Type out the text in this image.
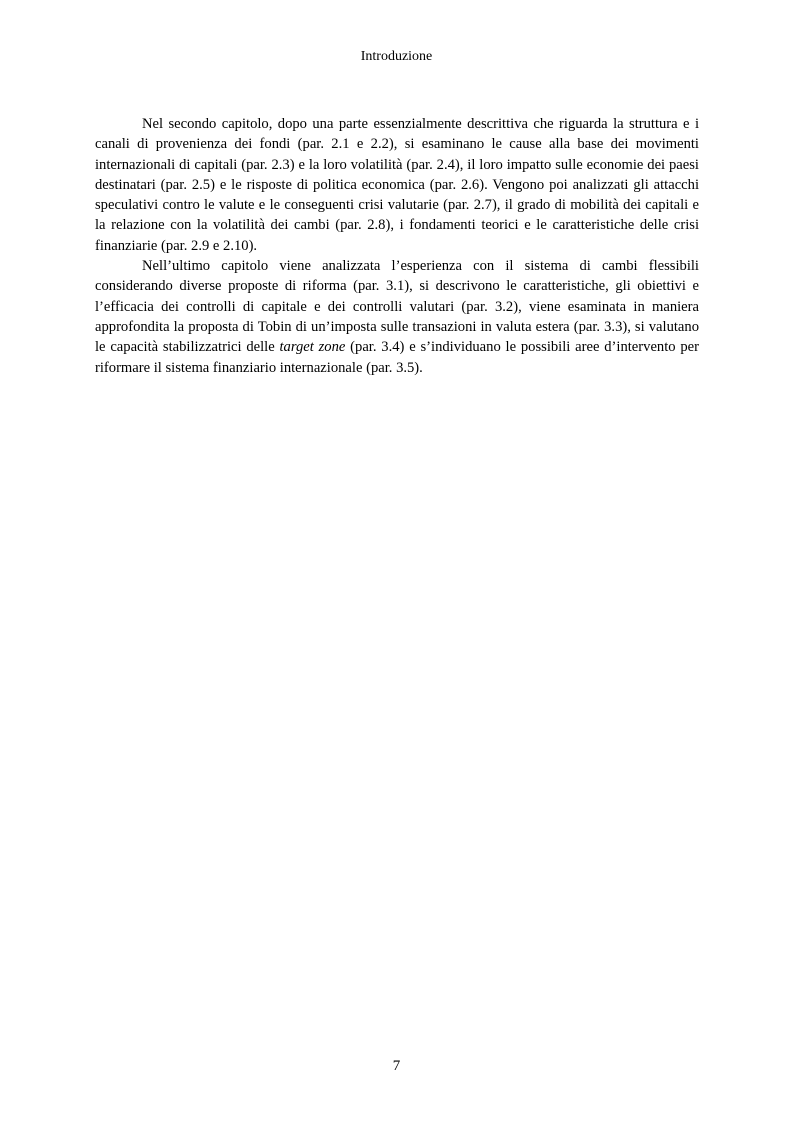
Introduzione

Nel secondo capitolo, dopo una parte essenzialmente descrittiva che riguarda la struttura e i canali di provenienza dei fondi (par. 2.1 e 2.2), si esaminano le cause alla base dei movimenti internazionali di capitali (par. 2.3) e la loro volatilità (par. 2.4), il loro impatto sulle economie dei paesi destinatari (par. 2.5) e le risposte di politica economica (par. 2.6). Vengono poi analizzati gli attacchi speculativi contro le valute e le conseguenti crisi valutarie (par. 2.7), il grado di mobilità dei capitali e la relazione con la volatilità dei cambi (par. 2.8), i fondamenti teorici e le caratteristiche delle crisi finanziarie (par. 2.9 e 2.10).

Nell’ultimo capitolo viene analizzata l’esperienza con il sistema di cambi flessibili considerando diverse proposte di riforma (par. 3.1), si descrivono le caratteristiche, gli obiettivi e l’efficacia dei controlli di capitale e dei controlli valutari (par. 3.2), viene esaminata in maniera approfondita la proposta di Tobin di un’imposta sulle transazioni in valuta estera (par. 3.3), si valutano le capacità stabilizzatrici delle target zone (par. 3.4) e s’individuano le possibili aree d’intervento per riformare il sistema finanziario internazionale (par. 3.5).

7
